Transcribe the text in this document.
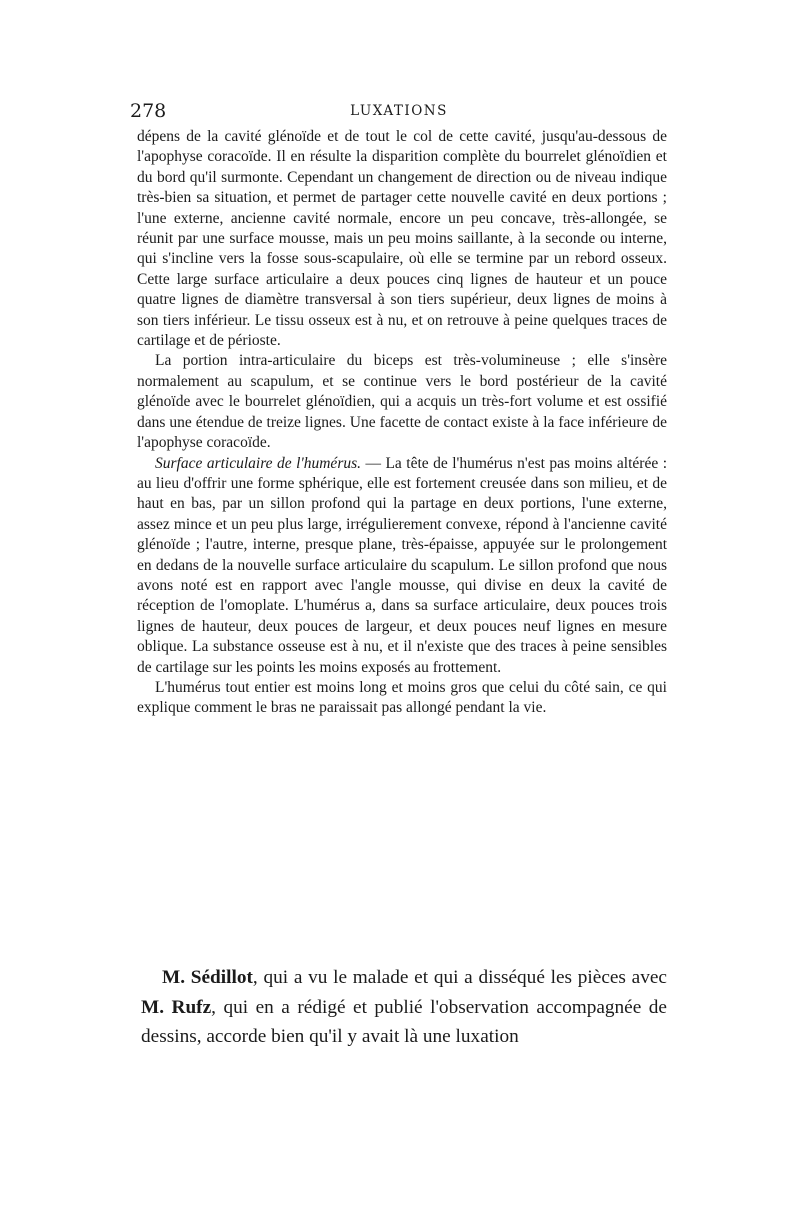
278	LUXATIONS

dépens de la cavité glénoïde et de tout le col de cette cavité, jusqu'au-dessous de l'apophyse coracoïde. Il en résulte la disparition complète du bourrelet glénoïdien et du bord qu'il surmonte. Cependant un changement de direction ou de niveau indique très-bien sa situation, et permet de partager cette nouvelle cavité en deux portions ; l'une externe, ancienne cavité normale, encore un peu concave, très-allongée, se réunit par une surface mousse, mais un peu moins saillante, à la seconde ou interne, qui s'incline vers la fosse sous-scapulaire, où elle se termine par un rebord osseux. Cette large surface articulaire a deux pouces cinq lignes de hauteur et un pouce quatre lignes de diamètre transversal à son tiers supérieur, deux lignes de moins à son tiers inférieur. Le tissu osseux est à nu, et on retrouve à peine quelques traces de cartilage et de périoste.

La portion intra-articulaire du biceps est très-volumineuse ; elle s'insère normalement au scapulum, et se continue vers le bord postérieur de la cavité glénoïde avec le bourrelet glénoïdien, qui a acquis un très-fort volume et est ossifié dans une étendue de treize lignes. Une facette de contact existe à la face inférieure de l'apophyse coracoïde.

Surface articulaire de l'humérus. — La tête de l'humérus n'est pas moins altérée : au lieu d'offrir une forme sphérique, elle est fortement creusée dans son milieu, et de haut en bas, par un sillon profond qui la partage en deux portions, l'une externe, assez mince et un peu plus large, irrégulierement convexe, répond à l'ancienne cavité glénoïde ; l'autre, interne, presque plane, très-épaisse, appuyée sur le prolongement en dedans de la nouvelle surface articulaire du scapulum. Le sillon profond que nous avons noté est en rapport avec l'angle mousse, qui divise en deux la cavité de réception de l'omoplate. L'humérus a, dans sa surface articulaire, deux pouces trois lignes de hauteur, deux pouces de largeur, et deux pouces neuf lignes en mesure oblique. La substance osseuse est à nu, et il n'existe que des traces à peine sensibles de cartilage sur les points les moins exposés au frottement.

L'humérus tout entier est moins long et moins gros que celui du côté sain, ce qui explique comment le bras ne paraissait pas allongé pendant la vie.

M. Sédillot, qui a vu le malade et qui a disséqué les pièces avec M. Rufz, qui en a rédigé et publié l'observation accompagnée de dessins, accorde bien qu'il y avait là une luxation
